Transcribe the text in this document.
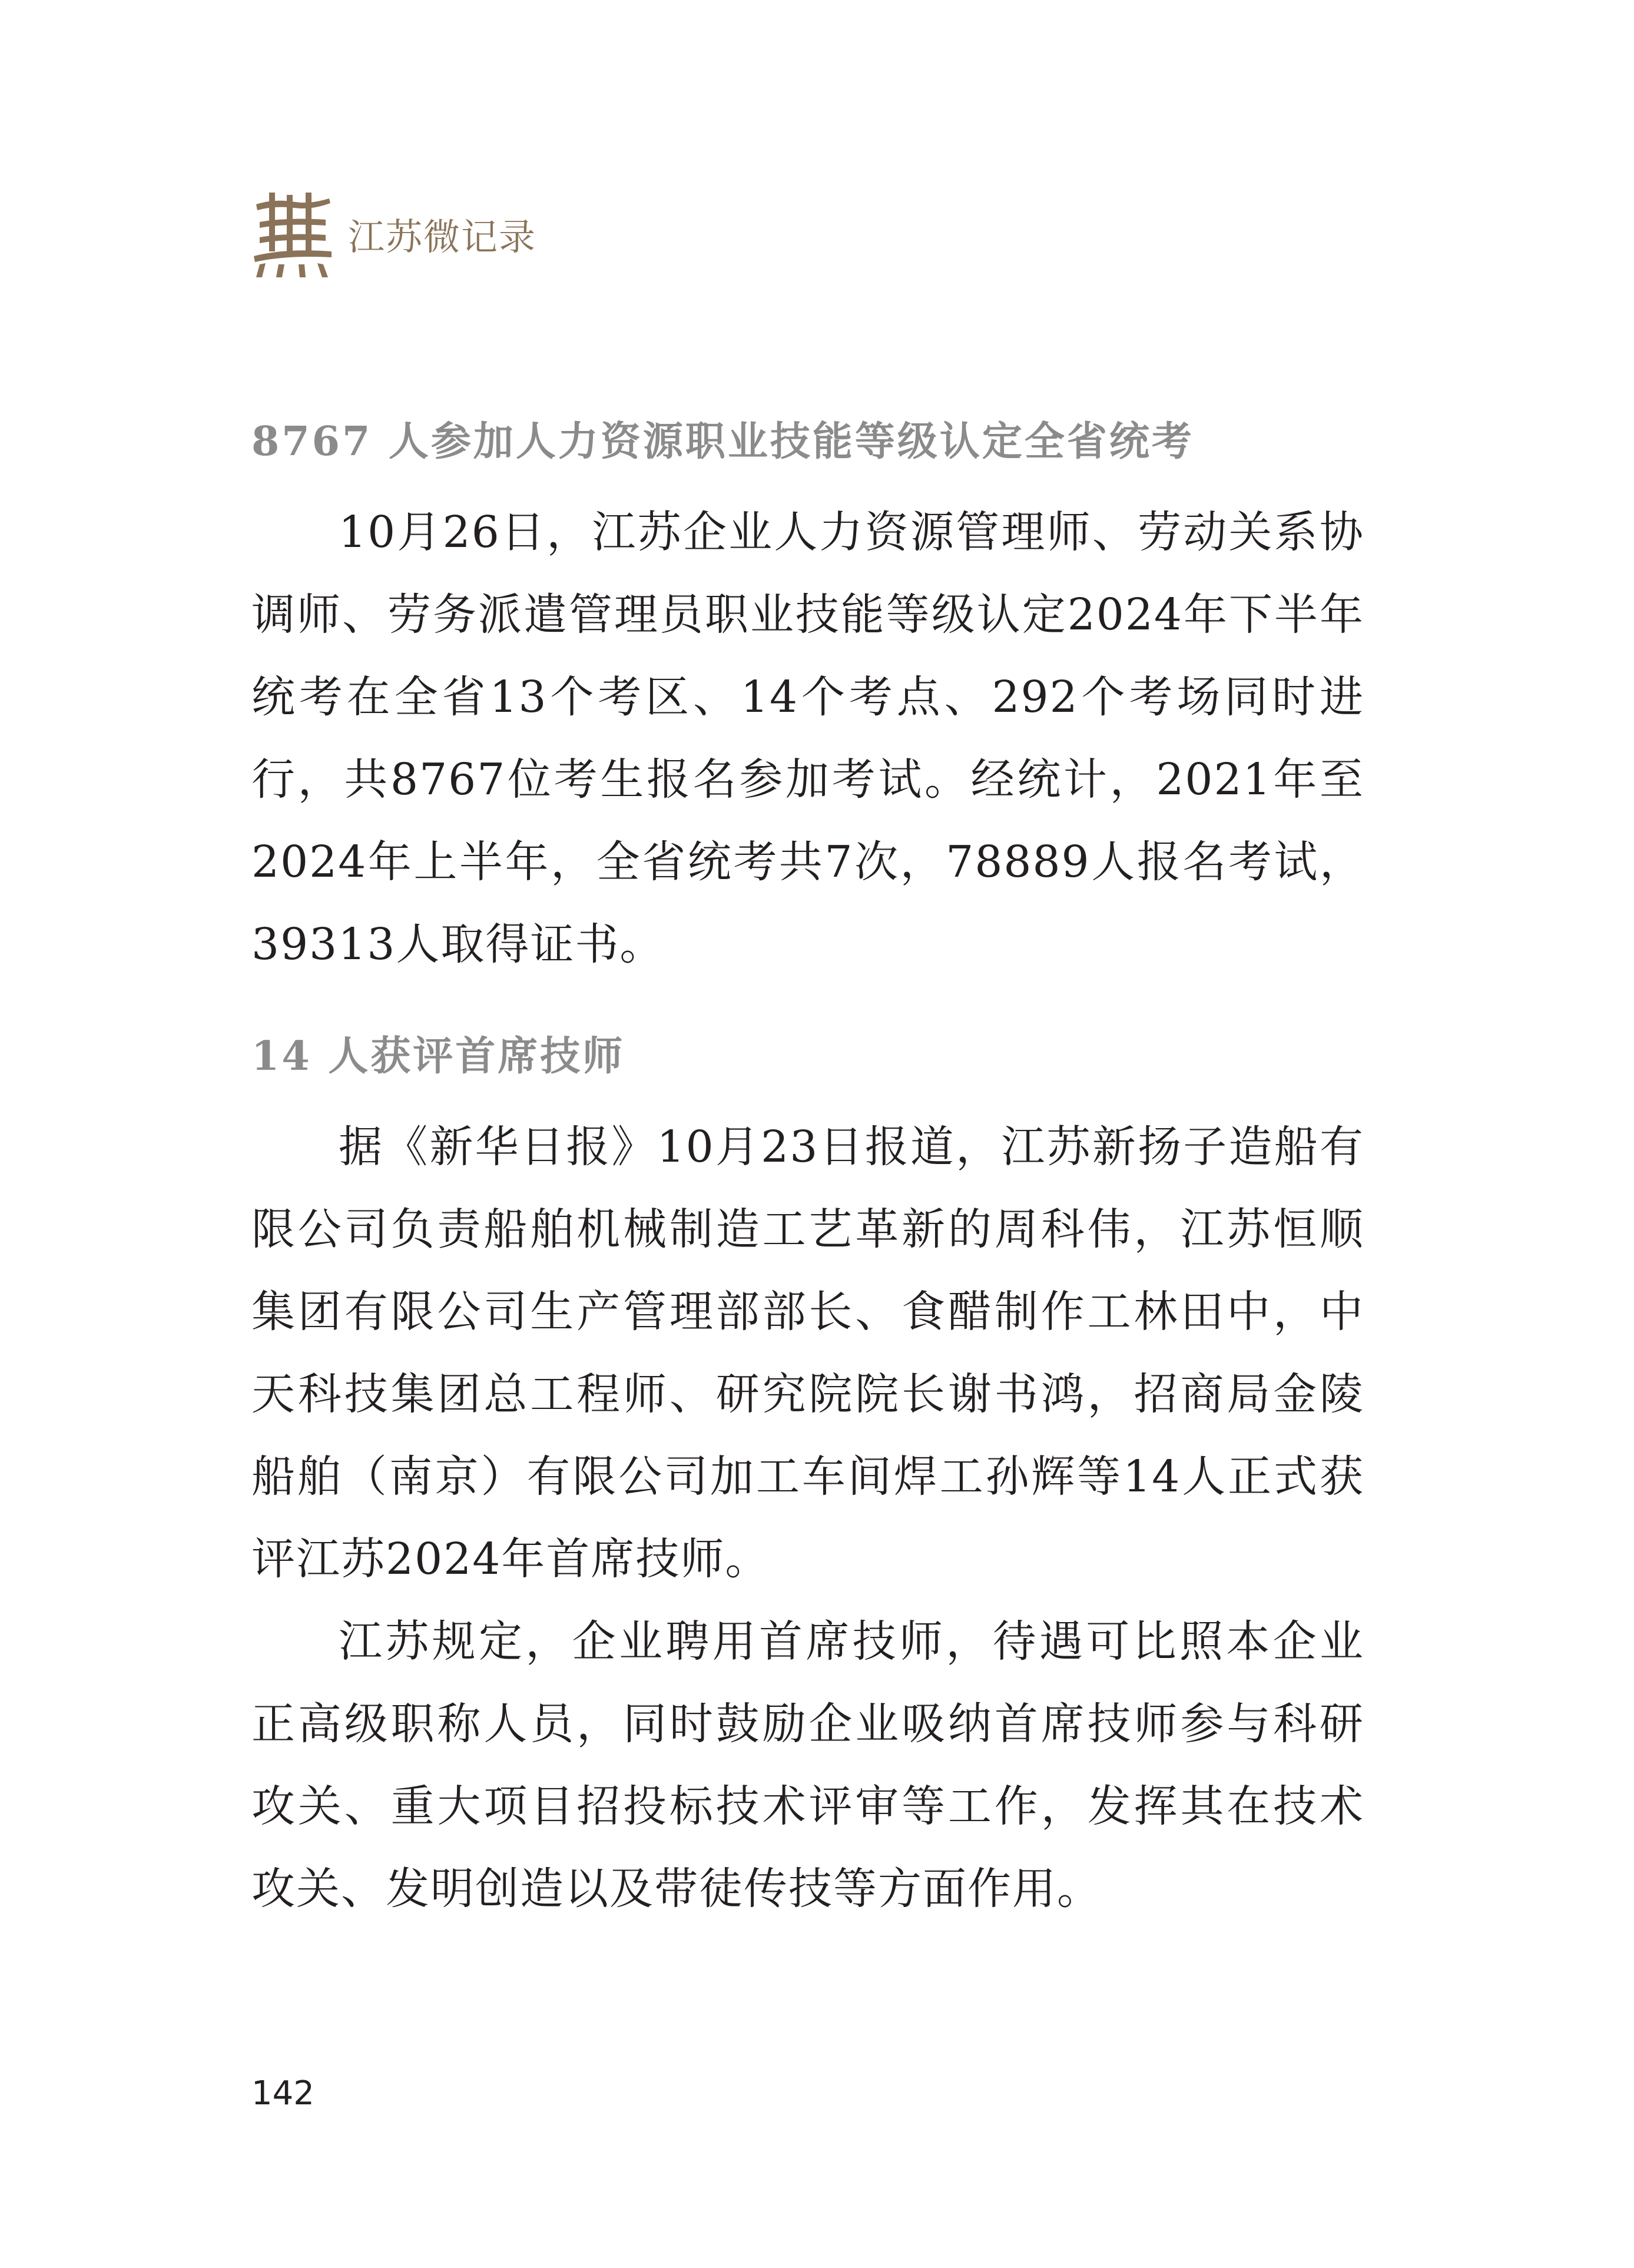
江苏微记录
8767 人参加人力资源职业技能等级认定全省统考

10月26日，江苏企业人力资源管理师、劳动关系协调师、劳务派遣管理员职业技能等级认定2024年下半年统考在全省13个考区、14个考点、292个考场同时进行，共8767位考生报名参加考试。经统计，2021年至2024年上半年，全省统考共7次，78889人报名考试，39313人取得证书。

14 人获评首席技师

据《新华日报》10月23日报道，江苏新扬子造船有限公司负责船舶机械制造工艺革新的周科伟，江苏恒顺集团有限公司生产管理部部长、食醋制作工林田中，中天科技集团总工程师、研究院院长谢书鸿，招商局金陵船舶（南京）有限公司加工车间焊工孙辉等14人正式获评江苏2024年首席技师。

江苏规定，企业聘用首席技师，待遇可比照本企业正高级职称人员，同时鼓励企业吸纳首席技师参与科研攻关、重大项目招投标技术评审等工作，发挥其在技术攻关、发明创造以及带徒传技等方面作用。

142
